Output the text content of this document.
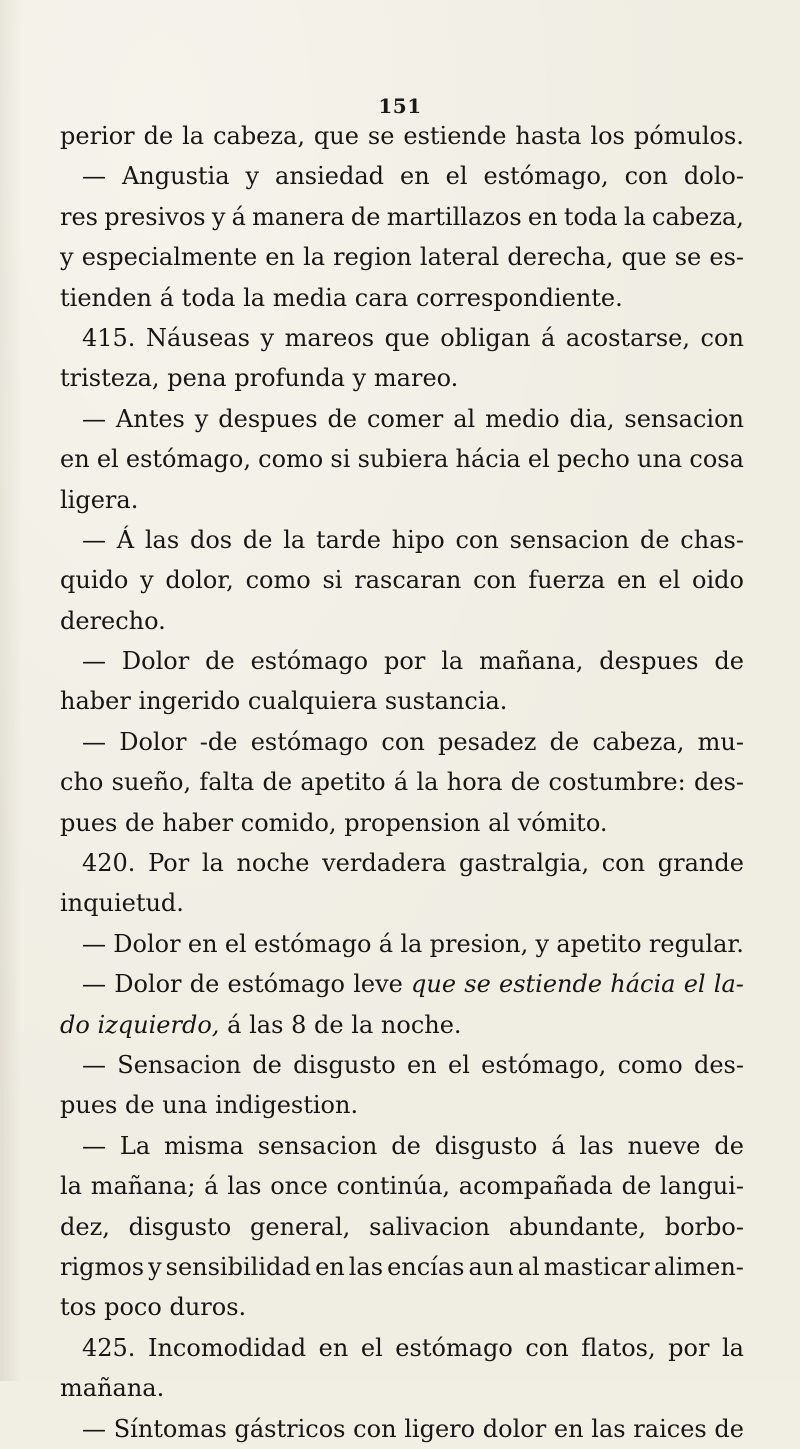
151
perior de la cabeza, que se estiende hasta los pómulos.
— Angustia y ansiedad en el estómago, con dolo-
res presivos y á manera de martillazos en toda la cabeza,
y especialmente en la region lateral derecha, que se es-
tienden á toda la media cara correspondiente.
415. Náuseas y mareos que obligan á acostarse, con
tristeza, pena profunda y mareo.
— Antes y despues de comer al medio dia, sensacion
en el estómago, como si subiera hácia el pecho una cosa
ligera.
— Á las dos de la tarde hipo con sensacion de chas-
quido y dolor, como si rascaran con fuerza en el oido
derecho.
— Dolor de estómago por la mañana, despues de
haber ingerido cualquiera sustancia.
— Dolor -de estómago con pesadez de cabeza, mu-
cho sueño, falta de apetito á la hora de costumbre: des-
pues de haber comido, propension al vómito.
420. Por la noche verdadera gastralgia, con grande
inquietud.
— Dolor en el estómago á la presion, y apetito regular.
— Dolor de estómago leve que se estiende hácia el la-
do izquierdo, á las 8 de la noche.
— Sensacion de disgusto en el estómago, como des-
pues de una indigestion.
— La misma sensacion de disgusto á las nueve de
la mañana; á las once continúa, acompañada de langui-
dez, disgusto general, salivacion abundante, borbo-
rigmos y sensibilidad en las encías aun al masticar alimen-
tos poco duros.
425. Incomodidad en el estómago con flatos, por la
mañana.
— Síntomas gástricos con ligero dolor en las raices de
